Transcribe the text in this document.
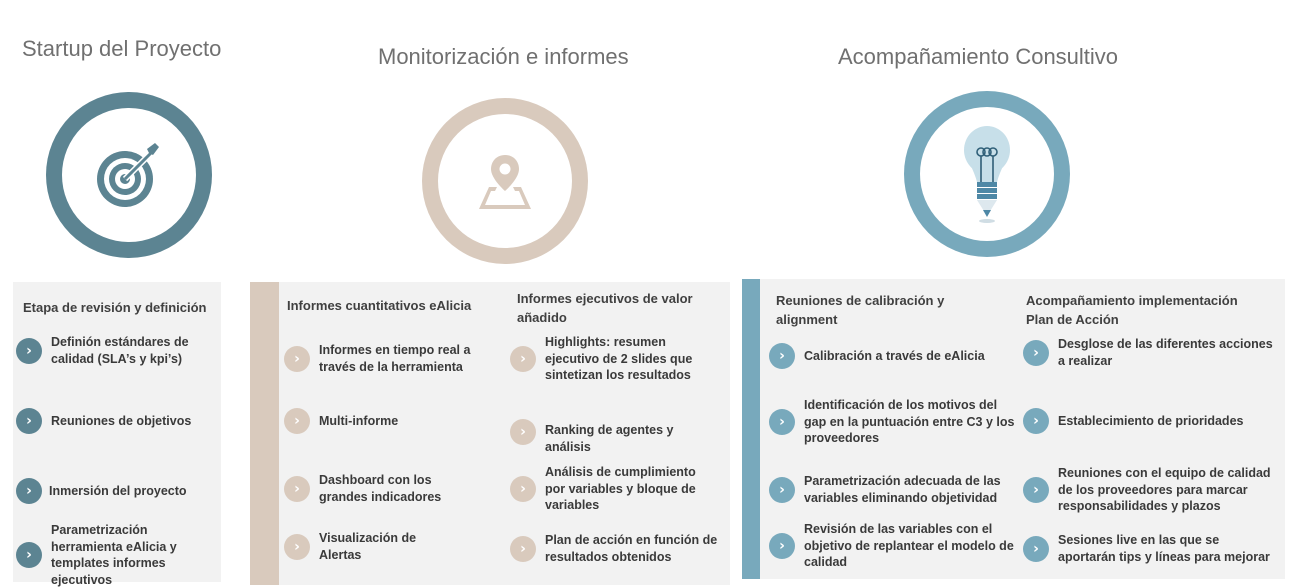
Startup del Proyecto	Monitorización e informes	Acompañamiento Consultivo
Etapa de revisión y definición
›
Definión estándares de calidad (SLA’s y kpi’s)
›	Reuniones de objetivos
›	Inmersión del proyecto
›
Parametrización herramienta eAlicia y templates informes ejecutivos
Informes cuantitativos eAlicia	Informes ejecutivos de valor añadido
›
Informes en tiempo real a través de la herramienta
›	Multi-informe
›
Dashboard con los grandes indicadores
›
Visualización de Alertas
›
Highlights: resumen ejecutivo de 2 slides que sintetizan los resultados
›	Ranking de agentes y análisis
›
Análisis de cumplimiento por variables y bloque de variables
›
Plan de acción en función de resultados obtenidos
Reuniones de calibración y alignment
Acompañamiento implementación Plan de Acción
›	Calibración a través de eAlicia
›
Identificación de los motivos del gap en la puntuación entre C3 y los proveedores
›
Parametrización adecuada de las variables eliminando objetividad
›
Revisión de las variables con el objetivo de replantear el modelo de calidad
›
Desglose de las diferentes acciones a realizar
›	Establecimiento de prioridades
›
Reuniones con el equipo de calidad de los proveedores para marcar responsabilidades y plazos
›
Sesiones live en las que se aportarán tips y líneas para mejorar
